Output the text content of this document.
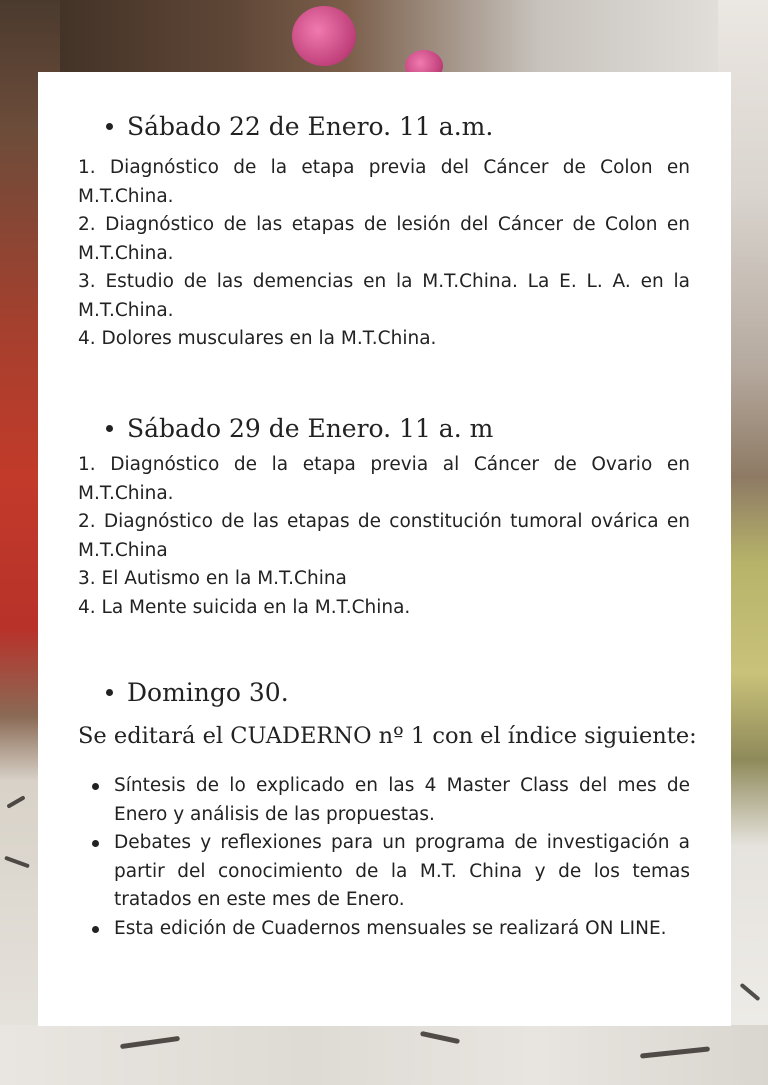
Sábado 22 de Enero. 11 a.m.

1. Diagnóstico de la etapa previa del Cáncer de Colon en M.T.China.

2. Diagnóstico de las etapas de lesión del Cáncer de Colon en M.T.China.

3. Estudio de las demencias en la M.T.China. La E. L. A. en la M.T.China.

4. Dolores musculares en la M.T.China.

Sábado 29 de Enero. 11 a. m

1. Diagnóstico de la etapa previa al Cáncer de Ovario en M.T.China.

2. Diagnóstico de las etapas de constitución tumoral ovárica en M.T.China

3. El Autismo en la M.T.China

4. La Mente suicida en la M.T.China.

Domingo 30.
Se editará el CUADERNO nº 1 con el índice siguiente:
Síntesis de lo explicado en las 4 Master Class del mes de Enero y análisis de las propuestas.
Debates y reflexiones para un programa de investigación a partir del conocimiento de la M.T. China y de los temas tratados en este mes de Enero.
Esta edición de Cuadernos mensuales se realizará ON LINE.
